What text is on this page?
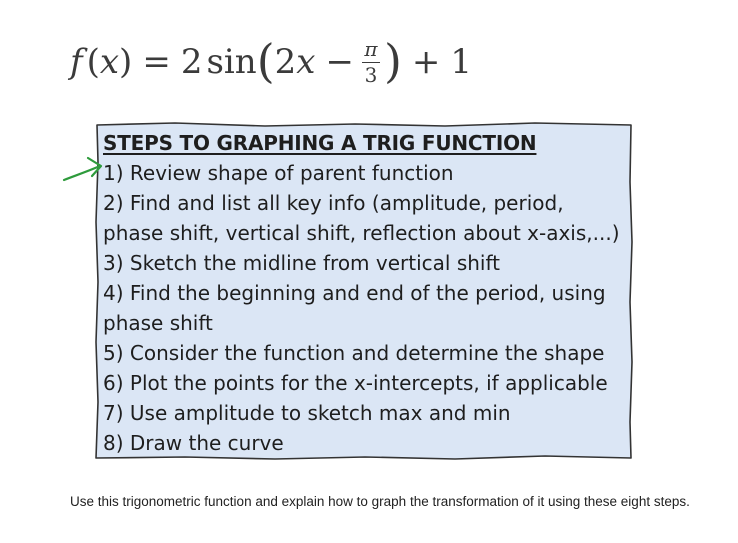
f ( x ) = 2 sin ( 2 $x - \frac{\pi}{3}$ ) + 1
STEPS TO GRAPHING A TRIG FUNCTION
1) Review shape of parent function
2) Find and list all key info (amplitude, period,
phase shift, vertical shift, reflection about x-axis,...)
3) Sketch the midline from vertical shift
4) Find the beginning and end of the period, using
phase shift
5) Consider the function and determine the shape
6) Plot the points for the x-intercepts, if applicable
7) Use amplitude to sketch max and min
8) Draw the curve
Use this trigonometric function and explain how to graph the transformation of it using these eight steps.
